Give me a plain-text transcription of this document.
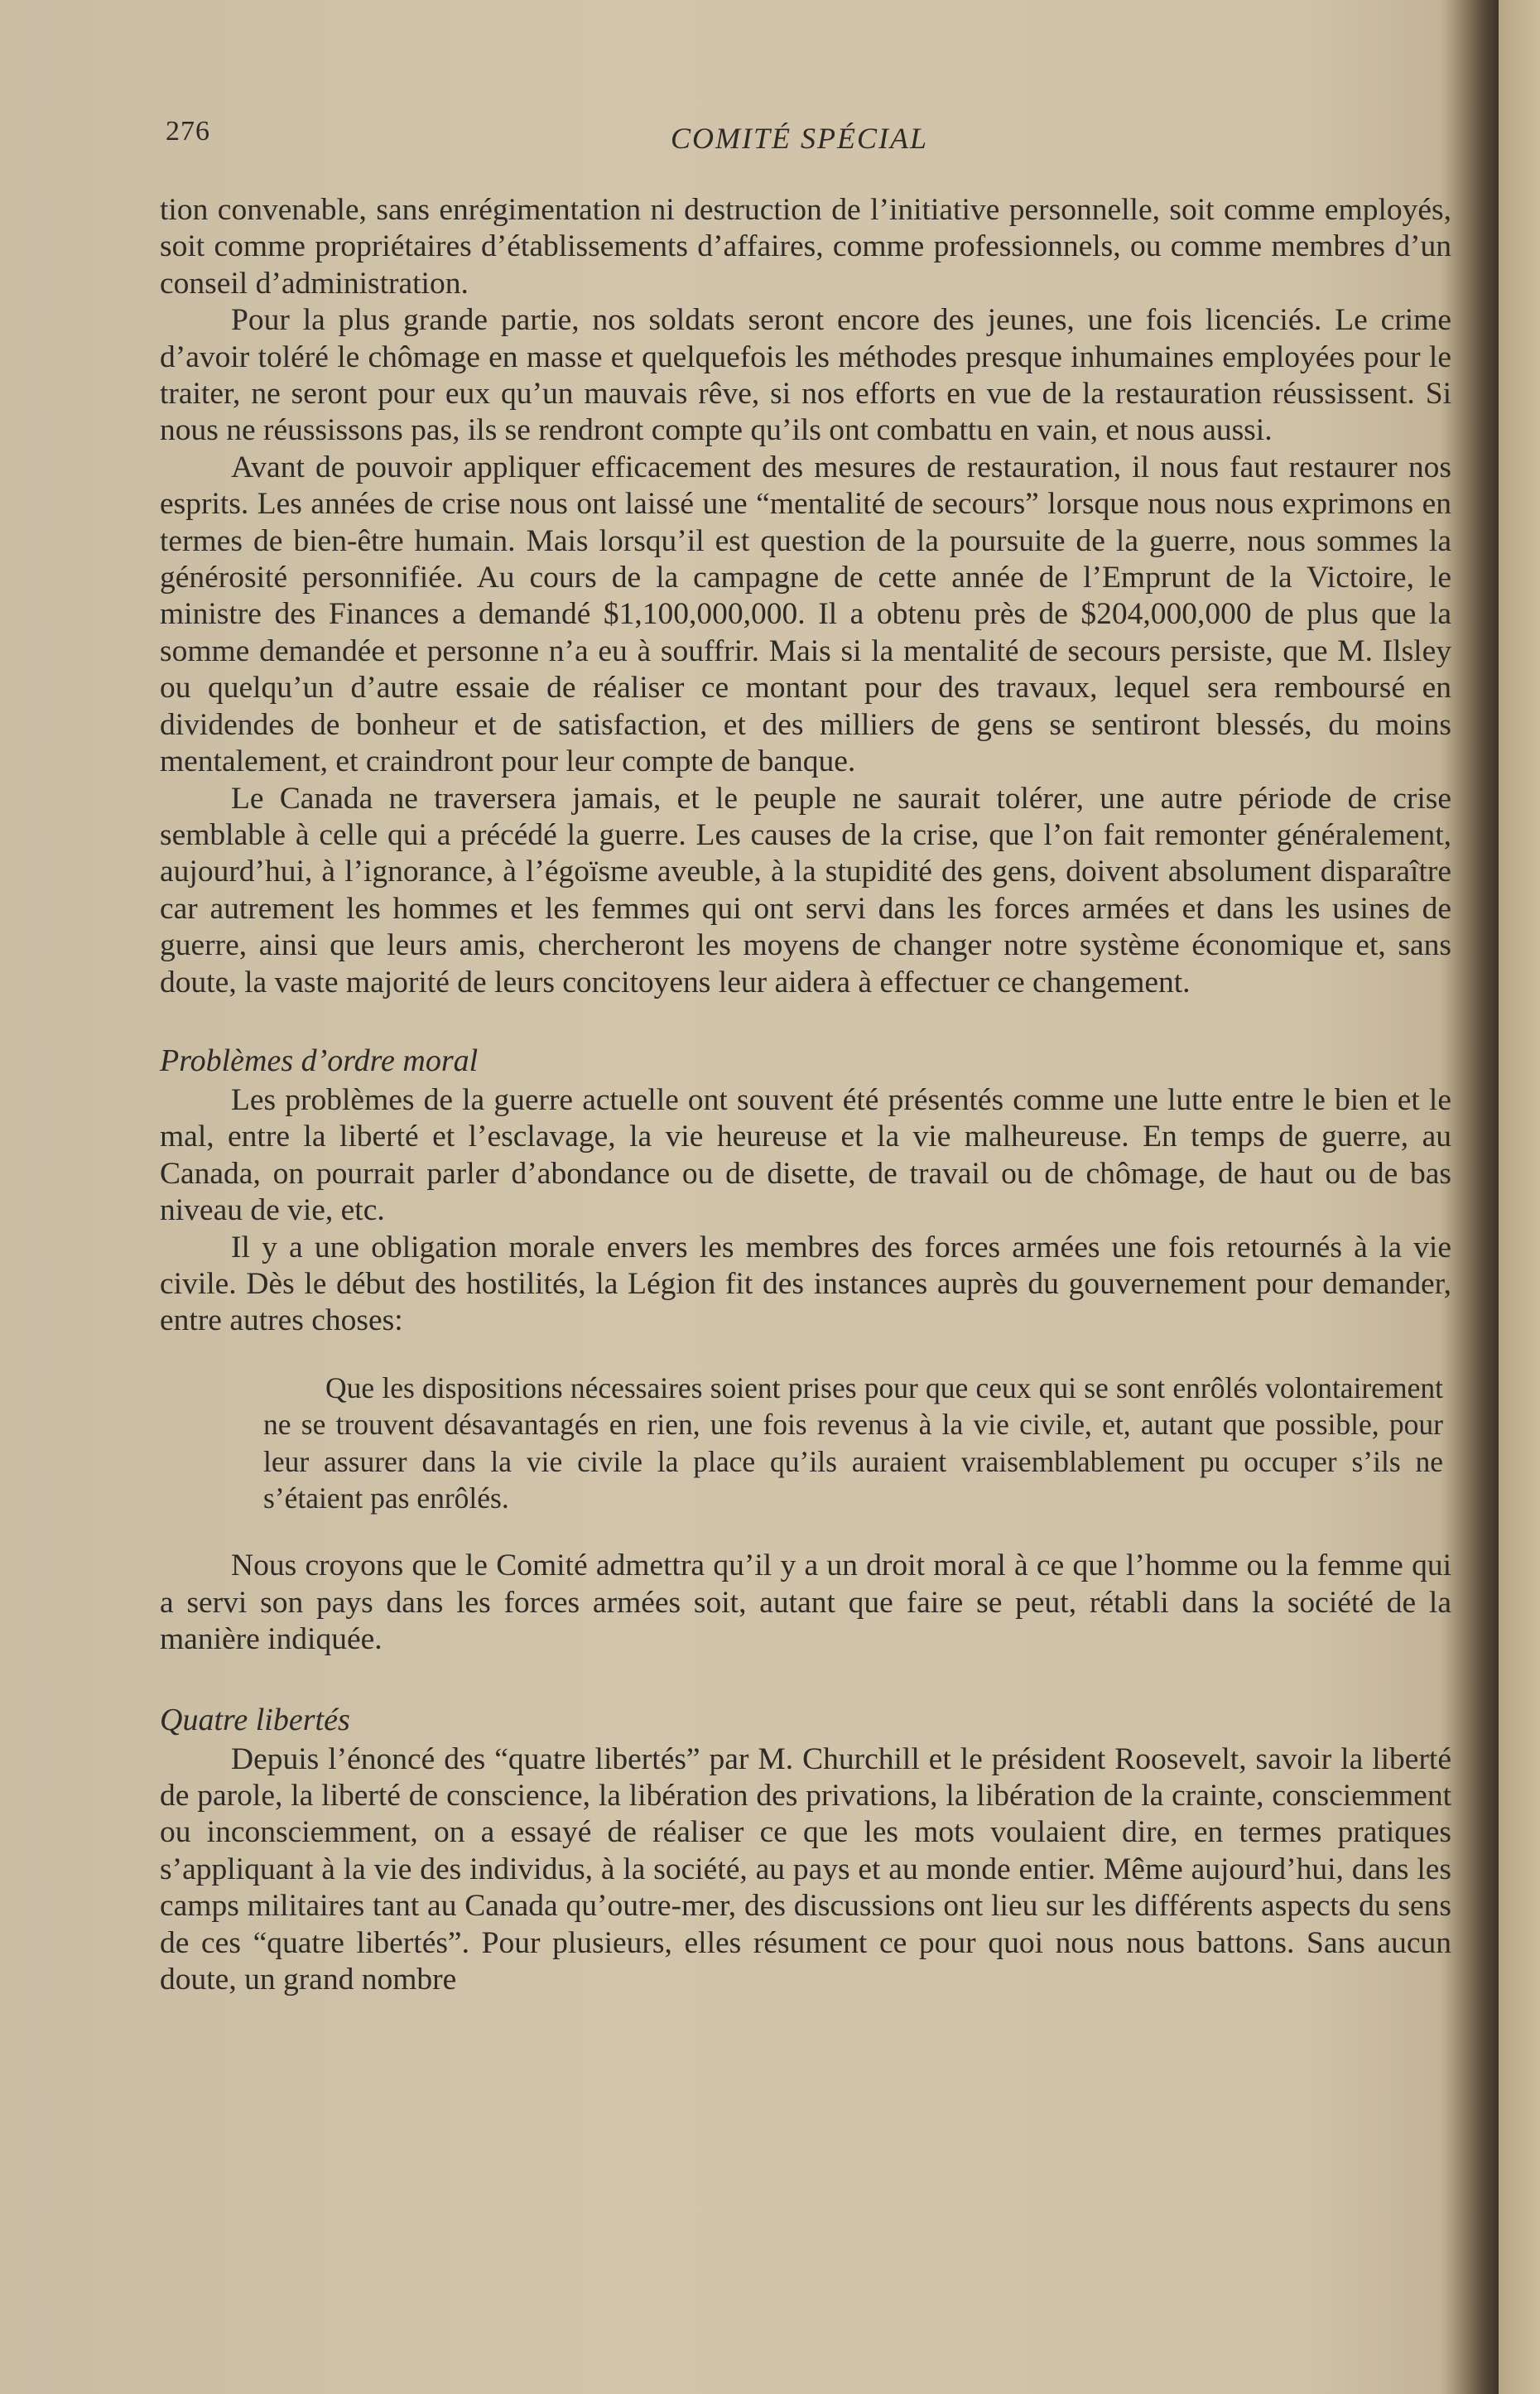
276	COMITÉ SPÉCIAL

tion convenable, sans enrégimentation ni destruction de l’initiative personnelle, soit comme employés, soit comme propriétaires d’établissements d’affaires, comme professionnels, ou comme membres d’un conseil d’administration.

Pour la plus grande partie, nos soldats seront encore des jeunes, une fois licenciés. Le crime d’avoir toléré le chômage en masse et quelquefois les méthodes presque inhumaines employées pour le traiter, ne seront pour eux qu’un mauvais rêve, si nos efforts en vue de la restauration réussissent. Si nous ne réussissons pas, ils se rendront compte qu’ils ont combattu en vain, et nous aussi.

Avant de pouvoir appliquer efficacement des mesures de restauration, il nous faut restaurer nos esprits. Les années de crise nous ont laissé une “mentalité de secours” lorsque nous nous exprimons en termes de bien-être humain. Mais lorsqu’il est question de la poursuite de la guerre, nous sommes la générosité personnifiée. Au cours de la campagne de cette année de l’Emprunt de la Victoire, le ministre des Finances a demandé $1,100,000,000. Il a obtenu près de $204,000,000 de plus que la somme demandée et personne n’a eu à souffrir. Mais si la mentalité de secours persiste, que M. Ilsley ou quelqu’un d’autre essaie de réaliser ce montant pour des travaux, lequel sera remboursé en dividendes de bonheur et de satisfaction, et des milliers de gens se sentiront blessés, du moins mentalement, et craindront pour leur compte de banque.

Le Canada ne traversera jamais, et le peuple ne saurait tolérer, une autre période de crise semblable à celle qui a précédé la guerre. Les causes de la crise, que l’on fait remonter généralement, aujourd’hui, à l’ignorance, à l’égoïsme aveuble, à la stupidité des gens, doivent absolument disparaître car autrement les hommes et les femmes qui ont servi dans les forces armées et dans les usines de guerre, ainsi que leurs amis, chercheront les moyens de changer notre système économique et, sans doute, la vaste majorité de leurs concitoyens leur aidera à effectuer ce changement.

Problèmes d’ordre moral

Les problèmes de la guerre actuelle ont souvent été présentés comme une lutte entre le bien et le mal, entre la liberté et l’esclavage, la vie heureuse et la vie malheureuse. En temps de guerre, au Canada, on pourrait parler d’abondance ou de disette, de travail ou de chômage, de haut ou de bas niveau de vie, etc.

Il y a une obligation morale envers les membres des forces armées une fois retournés à la vie civile. Dès le début des hostilités, la Légion fit des instances auprès du gouvernement pour demander, entre autres choses:

Que les dispositions nécessaires soient prises pour que ceux qui se sont enrôlés volontairement ne se trouvent désavantagés en rien, une fois revenus à la vie civile, et, autant que possible, pour leur assurer dans la vie civile la place qu’ils auraient vraisemblablement pu occuper s’ils ne s’étaient pas enrôlés.

Nous croyons que le Comité admettra qu’il y a un droit moral à ce que l’homme ou la femme qui a servi son pays dans les forces armées soit, autant que faire se peut, rétabli dans la société de la manière indiquée.

Quatre libertés

Depuis l’énoncé des “quatre libertés” par M. Churchill et le président Roosevelt, savoir la liberté de parole, la liberté de conscience, la libération des privations, la libération de la crainte, consciemment ou inconsciemment, on a essayé de réaliser ce que les mots voulaient dire, en termes pratiques s’appliquant à la vie des individus, à la société, au pays et au monde entier. Même aujourd’hui, dans les camps militaires tant au Canada qu’outre-mer, des discussions ont lieu sur les différents aspects du sens de ces “quatre libertés”. Pour plusieurs, elles résument ce pour quoi nous nous battons. Sans aucun doute, un grand nombre
